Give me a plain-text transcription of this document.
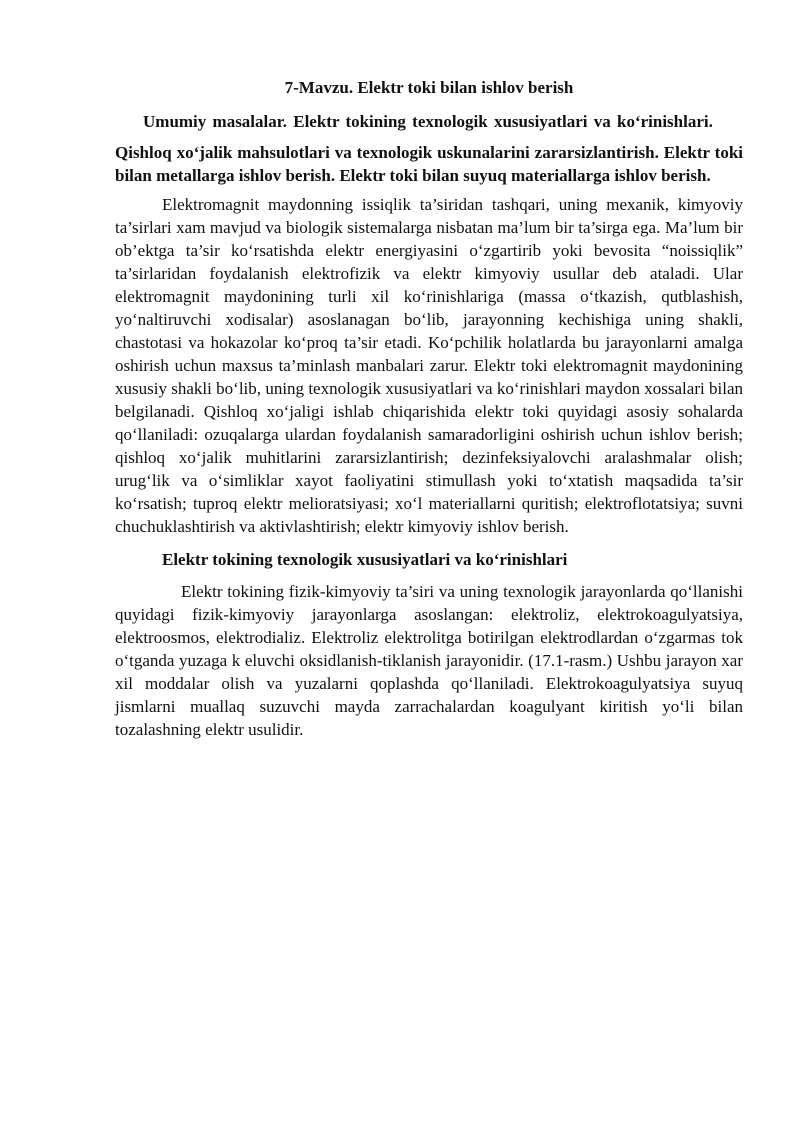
7-Mavzu. Elektr toki bilan ishlov berish

Umumiy masalalar. Elektr tokining texnologik xususiyatlari va ko‘rinishlari.

Qishloq xo‘jalik mahsulotlari va texnologik uskunalarini zararsizlantirish. Elektr toki bilan metallarga ishlov berish. Elektr toki bilan suyuq materiallarga ishlov berish.

Elektromagnit maydonning issiqlik ta’siridan tashqari, uning mexanik, kimyoviy ta’sirlari xam mavjud va biologik sistemalarga nisbatan ma’lum bir ta’sirga ega. Ma’lum bir ob’ektga ta’sir ko‘rsatishda elektr energiyasini o‘zgartirib yoki bevosita “noissiqlik” ta’sirlaridan foydalanish elektrofizik va elektr kimyoviy usullar deb ataladi. Ular elektromagnit maydonining turli xil ko‘rinishlariga (massa o‘tkazish, qutblashish, yo‘naltiruvchi xodisalar) asoslanagan bo‘lib, jarayonning kechishiga uning shakli, chastotasi va hokazolar ko‘proq ta’sir etadi. Ko‘pchilik holatlarda bu jarayonlarni amalga oshirish uchun maxsus ta’minlash manbalari zarur. Elektr toki elektromagnit maydonining xususiy shakli bo‘lib, uning texnologik xususiyatlari va ko‘rinishlari maydon xossalari bilan belgilanadi. Qishloq xo‘jaligi ishlab chiqarishida elektr toki quyidagi asosiy sohalarda qo‘llaniladi: ozuqalarga ulardan foydalanish samaradorligini oshirish uchun ishlov berish; qishloq xo‘jalik muhitlarini zararsizlantirish; dezinfeksiyalovchi aralashmalar olish; urug‘lik va o‘simliklar xayot faoliyatini stimullash yoki to‘xtatish maqsadida ta’sir ko‘rsatish; tuproq elektr melioratsiyasi; xo‘l materiallarni quritish; elektroflotatsiya; suvni chuchuklashtirish va aktivlashtirish; elektr kimyoviy ishlov berish.

Elektr tokining texnologik xususiyatlari va ko‘rinishlari

Elektr tokining fizik-kimyoviy ta’siri va uning texnologik jarayonlarda qo‘llanishi quyidagi fizik-kimyoviy jarayonlarga asoslangan: elektroliz, elektrokoagulyatsiya, elektroosmos, elektrodializ. Elektroliz elektrolitga botirilgan elektrodlardan o‘zgarmas tok o‘tganda yuzaga k eluvchi oksidlanish-tiklanish jarayonidir. (17.1-rasm.) Ushbu jarayon xar xil moddalar olish va yuzalarni qoplashda qo‘llaniladi. Elektrokoagulyatsiya suyuq jismlarni muallaq suzuvchi mayda zarrachalardan koagulyant kiritish yo‘li bilan tozalashning elektr usulidir.
